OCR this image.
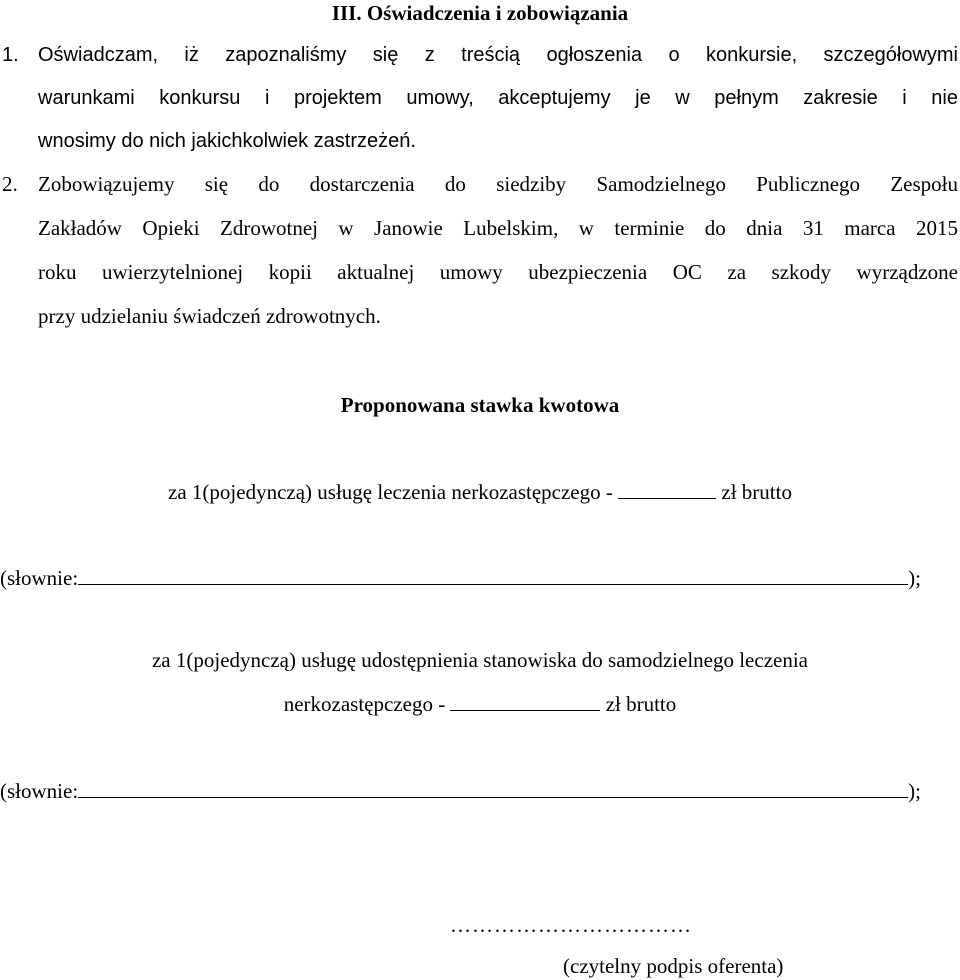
III. Oświadczenia i zobowiązania
1. Oświadczam, iż zapoznaliśmy się z treścią ogłoszenia o konkursie, szczegółowymi
warunkami konkursu i projektem umowy, akceptujemy je w pełnym zakresie i nie
wnosimy do nich jakichkolwiek zastrzeżeń.
2. Zobowiązujemy się do dostarczenia do siedziby Samodzielnego Publicznego Zespołu
Zakładów Opieki Zdrowotnej w Janowie Lubelskim, w terminie do dnia 31 marca 2015
roku uwierzytelnionej kopii aktualnej umowy ubezpieczenia OC za szkody wyrządzone
przy udzielaniu świadczeń zdrowotnych.
Proponowana stawka kwotowa
za 1(pojedynczą) usługę leczenia nerkozastępczego -	zł brutto
(słownie:	);
za 1(pojedynczą) usługę udostępnienia stanowiska do samodzielnego leczenia
nerkozastępczego -	zł brutto
(słownie:	);
……………………………
(czytelny podpis oferenta)
